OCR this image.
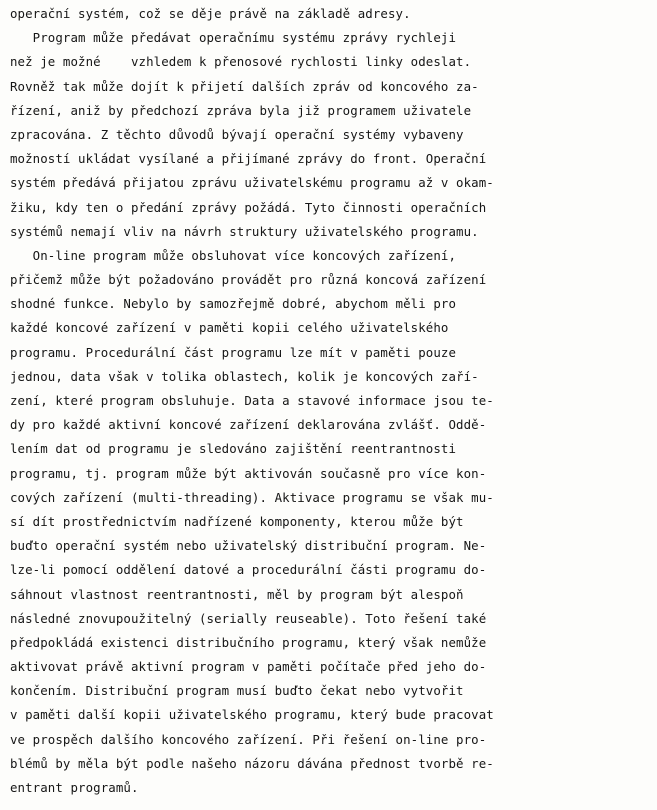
operační systém, což se děje právě na základě adresy.
Program může předávat operačnímu systému zprávy rychleji
než je možné    vzhledem k přenosové rychlosti linky odeslat.
Rovněž tak může dojít k přijetí dalších zpráv od koncového za-
řízení, aniž by předchozí zpráva byla již programem uživatele
zpracována. Z těchto důvodů bývají operační systémy vybaveny
možností ukládat vysílané a přijímané zprávy do front. Operační
systém předává přijatou zprávu uživatelskému programu až v okam-
žiku, kdy ten o předání zprávy požádá. Tyto činnosti operačních
systémů nemají vliv na návrh struktury uživatelského programu.
On-line program může obsluhovat více koncových zařízení,
přičemž může být požadováno provádět pro různá koncová zařízení
shodné funkce. Nebylo by samozřejmě dobré, abychom měli pro
každé koncové zařízení v paměti kopii celého uživatelského
programu. Procedurální část programu lze mít v paměti pouze
jednou, data však v tolika oblastech, kolik je koncových zaří-
zení, které program obsluhuje. Data a stavové informace jsou te-
dy pro každé aktivní koncové zařízení deklarována zvlášť. Oddě-
lením dat od programu je sledováno zajištění reentrantnosti
programu, tj. program může být aktivován současně pro více kon-
cových zařízení (multi-threading). Aktivace programu se však mu-
sí dít prostřednictvím nadřízené komponenty, kterou může být
buďto operační systém nebo uživatelský distribuční program. Ne-
lze-li pomocí oddělení datové a procedurální části programu do-
sáhnout vlastnost reentrantnosti, měl by program být alespoň
následné znovupoužitelný (serially reuseable). Toto řešení také
předpokládá existenci distribučního programu, který však nemůže
aktivovat právě aktivní program v paměti počítače před jeho do-
končením. Distribuční program musí buďto čekat nebo vytvořit
v paměti další kopii uživatelského programu, který bude pracovat
ve prospěch dalšího koncového zařízení. Při řešení on-line pro-
blémů by měla být podle našeho názoru dávána přednost tvorbě re-
entrant programů.
